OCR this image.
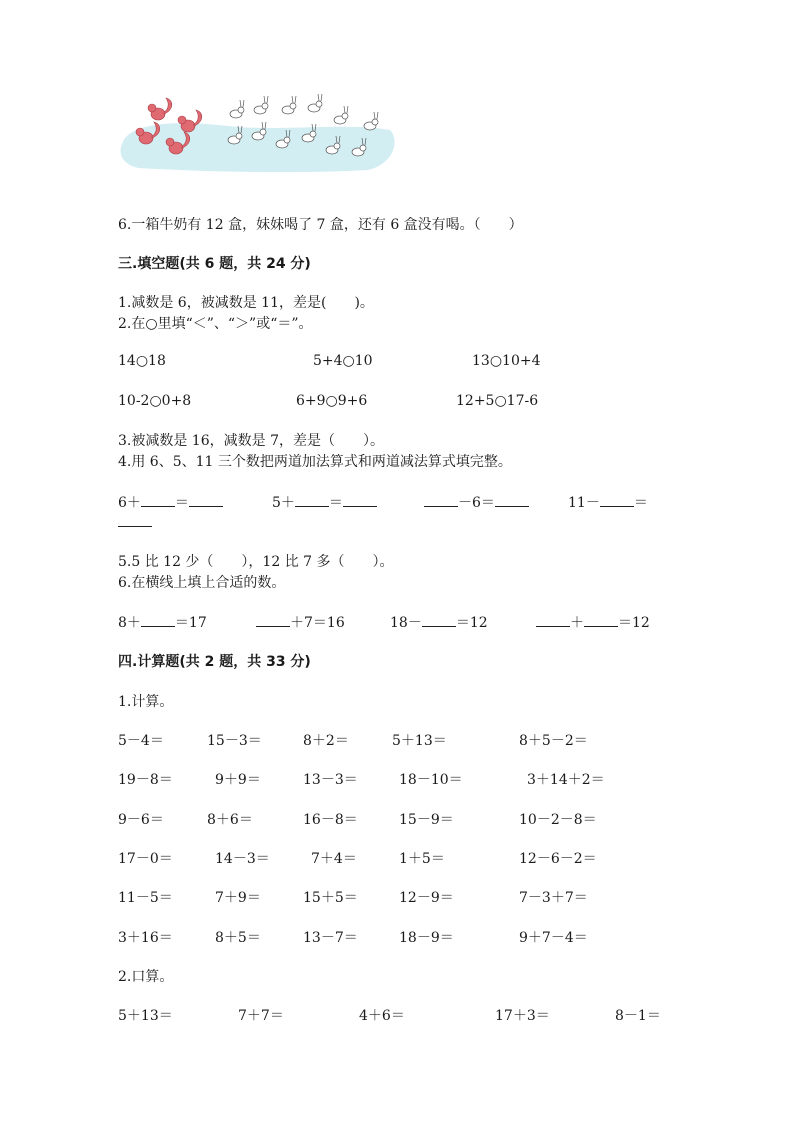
6.一箱牛奶有 12 盒，妹妹喝了 7 盒，还有 6 盒没有喝。（　　）
三.填空题(共 6 题，共 24 分)
1.减数是 6，被减数是 11，差是(　　)。
2.在○里填“＜”、“＞”或“＝”。
14○18	5+4○10	13○10+4
10-2○0+8	6+9○9+6	12+5○17-6
3.被减数是 16，减数是 7，差是（　　）。
4.用 6、5、11 三个数把两道加法算式和两道减法算式填完整。
6＋ ＝	5＋ ＝	－6＝	11－ ＝
5.5 比 12 少（　　），12 比 7 多（　　）。
6.在横线上填上合适的数。
8＋ ＝17	＋7＝16	18－ ＝12	＋ ＝12
四.计算题(共 2 题，共 33 分)
1.计算。
5－4＝	15－3＝	8＋2＝	5＋13＝	8＋5－2＝
19－8＝	9＋9＝	13－3＝	18－10＝	3＋14＋2＝
9－6＝	8＋6＝	16－8＝	15－9＝	10－2－8＝
17－0＝	14－3＝	7＋4＝	1＋5＝	12－6－2＝
11－5＝	7＋9＝	15＋5＝	12－9＝	7－3＋7＝
3＋16＝	8＋5＝	13－7＝	18－9＝	9＋7－4＝
2.口算。
5＋13＝	7＋7＝	4＋6＝	17＋3＝	8－1＝
